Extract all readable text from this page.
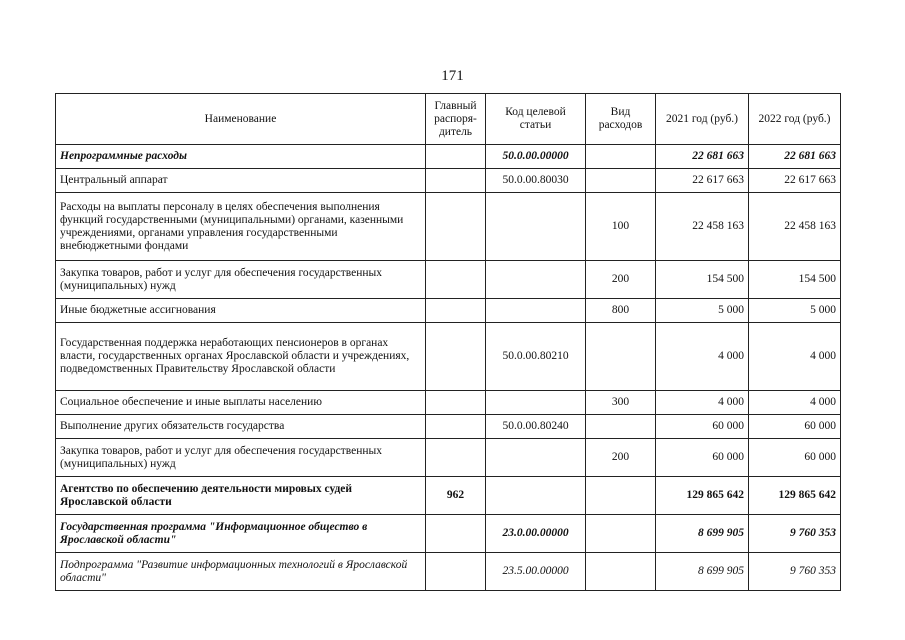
171
Наименование	Главный распоря-дитель	Код целевой статьи	Вид расходов	2021 год (руб.)	2022 год (руб.)
Непрограммные расходы		50.0.00.00000		22 681 663	22 681 663
Центральный аппарат		50.0.00.80030		22 617 663	22 617 663
Расходы на выплаты персоналу в целях обеспечения выполнения функций государственными (муниципальными) органами, казенными учреждениями, органами управления государственными внебюджетными фондами			100	22 458 163	22 458 163
Закупка товаров, работ и услуг для обеспечения государственных (муниципальных) нужд			200	154 500	154 500
Иные бюджетные ассигнования			800	5 000	5 000
Государственная поддержка неработающих пенсионеров в органах власти, государственных органах Ярославской области и учреждениях, подведомственных Правительству Ярославской области		50.0.00.80210		4 000	4 000
Социальное обеспечение и иные выплаты населению			300	4 000	4 000
Выполнение других обязательств государства		50.0.00.80240		60 000	60 000
Закупка товаров, работ и услуг для обеспечения государственных (муниципальных) нужд			200	60 000	60 000
Агентство по обеспечению деятельности мировых судей Ярославской области	962			129 865 642	129 865 642
Государственная программа "Информационное общество в Ярославской области"		23.0.00.00000		8 699 905	9 760 353
Подпрограмма "Развитие информационных технологий в Ярославской области"		23.5.00.00000		8 699 905	9 760 353
